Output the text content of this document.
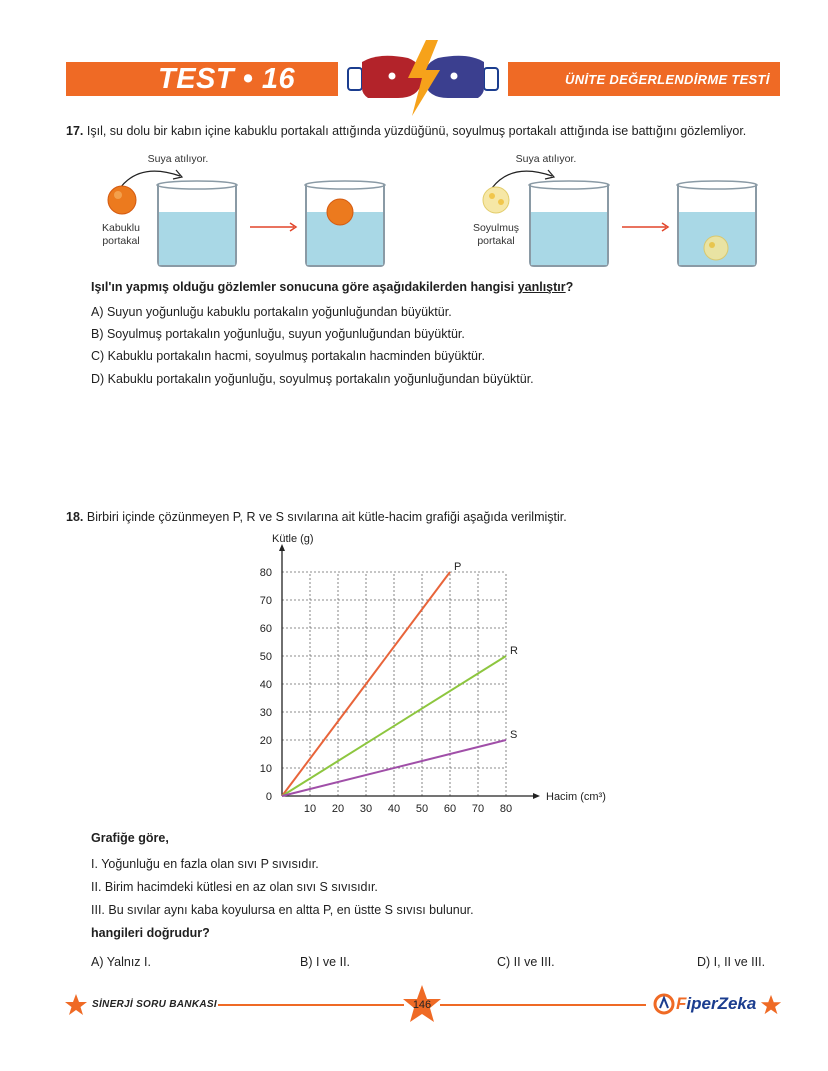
TEST • 16	ÜNİTE DEĞERLENDİRME TESTİ
17. Işıl, su dolu bir kabın içine kabuklu portakalı attığında yüzdüğünü, soyulmuş portakalı attığında ise battığını gözlemliyor.
Suya atılıyor.	Suya atılıyor.
Kabuklu
portakal
Soyulmuş
portakal
Işıl'ın yapmış olduğu gözlemler sonucuna göre aşağıdakilerden hangisi yanlıştır?
A) Suyun yoğunluğu kabuklu portakalın yoğunluğundan büyüktür.
B) Soyulmuş portakalın yoğunluğu, suyun yoğunluğundan büyüktür.
C) Kabuklu portakalın hacmi, soyulmuş portakalın hacminden büyüktür.
D) Kabuklu portakalın yoğunluğu, soyulmuş portakalın yoğunluğundan büyüktür.
18. Birbiri içinde çözünmeyen P, R ve S sıvılarına ait kütle-hacim grafiği aşağıda verilmiştir.
10 20 30 40 50 60 70 80
10
20
30
40
50
60
70
80
0
Kütle (g)
Hacim (cm³)
P
R
S
Grafiğe göre,
I. Yoğunluğu en fazla olan sıvı P sıvısıdır.
II. Birim hacimdeki kütlesi en az olan sıvı S sıvısıdır.
III. Bu sıvılar aynı kaba koyulursa en altta P, en üstte S sıvısı bulunur.
hangileri doğrudur?
A) Yalnız I.	B) I ve II.	C) II ve III.	D) I, II ve III.
SİNERJİ SORU BANKASI	146	FiperZeka
